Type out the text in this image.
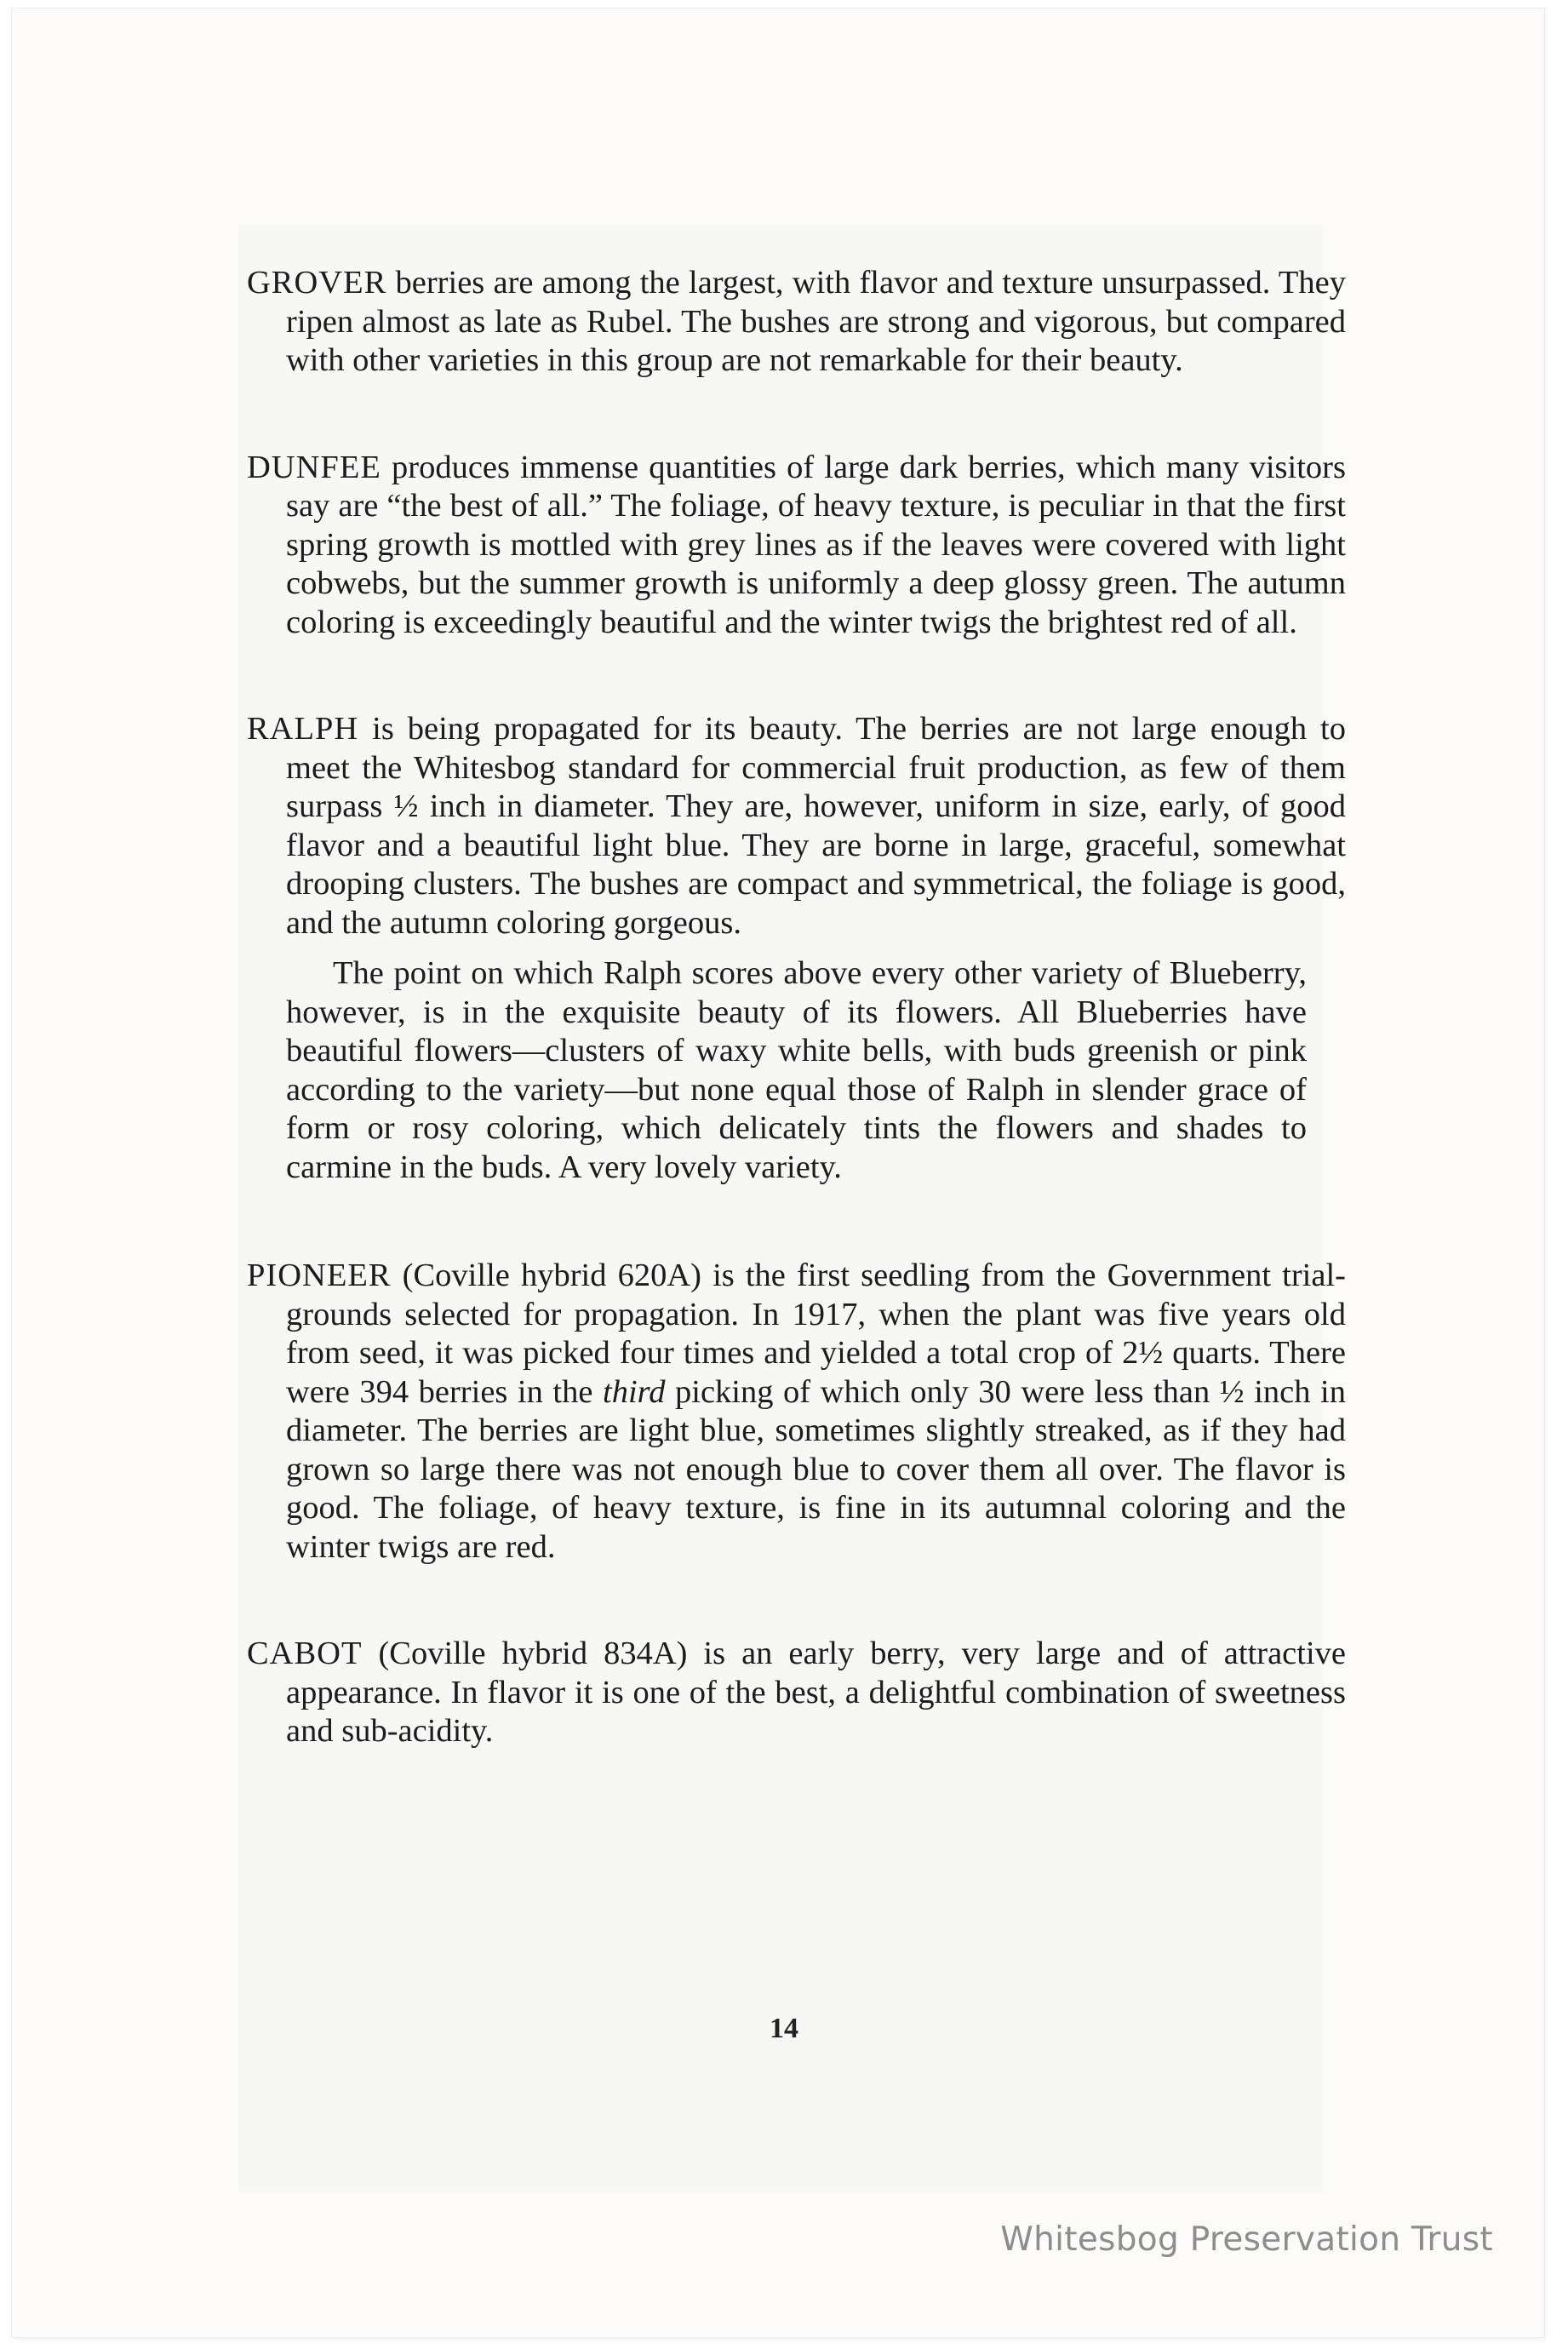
GROVER berries are among the largest, with flavor and texture unsurpassed. They ripen almost as late as Rubel. The bushes are strong and vigorous, but compared with other varieties in this group are not remarkable for their beauty.

DUNFEE produces immense quantities of large dark berries, which many visitors say are “the best of all.” The foliage, of heavy texture, is peculiar in that the first spring growth is mottled with grey lines as if the leaves were covered with light cobwebs, but the summer growth is uniformly a deep glossy green. The autumn coloring is exceedingly beautiful and the winter twigs the brightest red of all.

RALPH is being propagated for its beauty. The berries are not large enough to meet the Whitesbog standard for commercial fruit production, as few of them surpass ½ inch in diameter. They are, however, uniform in size, early, of good flavor and a beautiful light blue. They are borne in large, graceful, somewhat drooping clusters. The bushes are compact and symmetrical, the foliage is good, and the autumn coloring gorgeous.

The point on which Ralph scores above every other variety of Blueberry, however, is in the exquisite beauty of its flowers. All Blueberries have beautiful flowers—clusters of waxy white bells, with buds greenish or pink according to the variety—but none equal those of Ralph in slender grace of form or rosy coloring, which delicately tints the flowers and shades to carmine in the buds. A very lovely variety.

PIONEER (Coville hybrid 620A) is the first seedling from the Government trial-grounds selected for propagation. In 1917, when the plant was five years old from seed, it was picked four times and yielded a total crop of 2½ quarts. There were 394 berries in the third picking of which only 30 were less than ½ inch in diameter. The berries are light blue, sometimes slightly streaked, as if they had grown so large there was not enough blue to cover them all over. The flavor is good. The foliage, of heavy texture, is fine in its autumnal coloring and the winter twigs are red.

CABOT (Coville hybrid 834A) is an early berry, very large and of attractive appearance. In flavor it is one of the best, a delightful combination of sweetness and sub-acidity.

14
Whitesbog Preservation Trust
